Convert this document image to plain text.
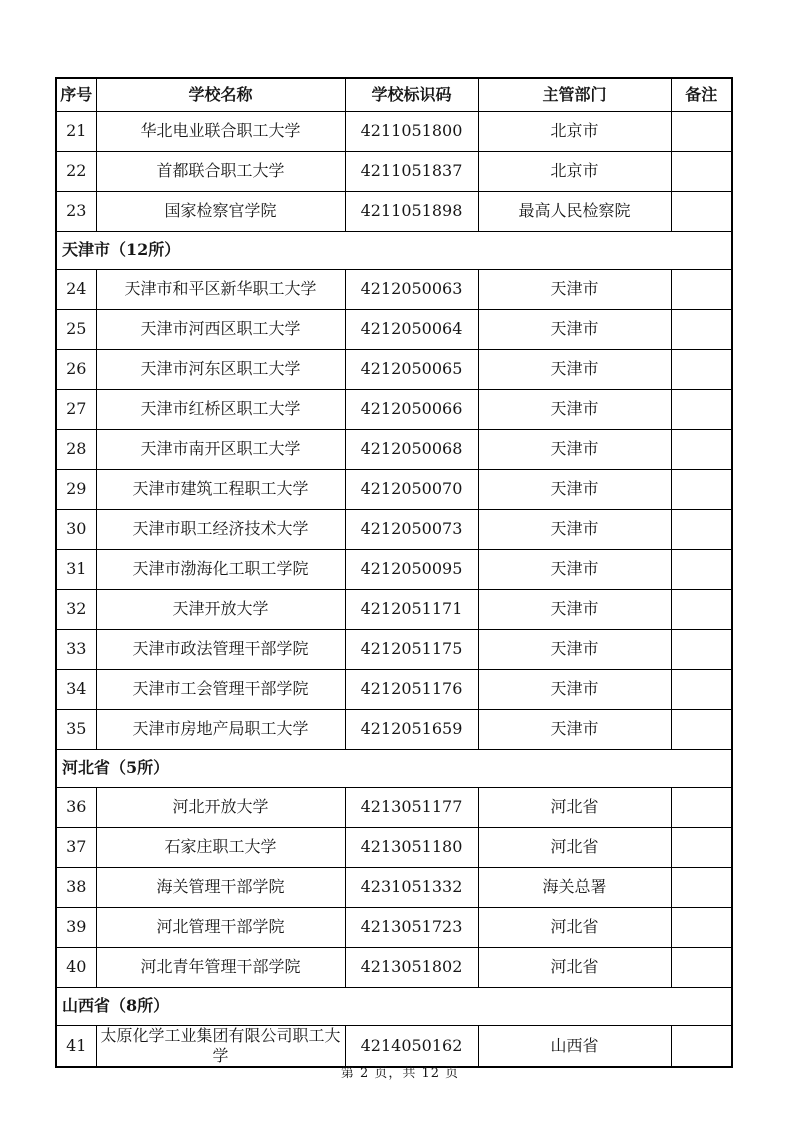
序号	学校名称	学校标识码	主管部门	备注
21	华北电业联合职工大学	4211051800	北京市	
22	首都联合职工大学	4211051837	北京市	
23	国家检察官学院	4211051898	最高人民检察院	
天津市（12所）				
24	天津市和平区新华职工大学	4212050063	天津市	
25	天津市河西区职工大学	4212050064	天津市	
26	天津市河东区职工大学	4212050065	天津市	
27	天津市红桥区职工大学	4212050066	天津市	
28	天津市南开区职工大学	4212050068	天津市	
29	天津市建筑工程职工大学	4212050070	天津市	
30	天津市职工经济技术大学	4212050073	天津市	
31	天津市渤海化工职工学院	4212050095	天津市	
32	天津开放大学	4212051171	天津市	
33	天津市政法管理干部学院	4212051175	天津市	
34	天津市工会管理干部学院	4212051176	天津市	
35	天津市房地产局职工大学	4212051659	天津市	
河北省（5所）				
36	河北开放大学	4213051177	河北省	
37	石家庄职工大学	4213051180	河北省	
38	海关管理干部学院	4231051332	海关总署	
39	河北管理干部学院	4213051723	河北省	
40	河北青年管理干部学院	4213051802	河北省	
山西省（8所）				
41	太原化学工业集团有限公司职工大学	4214050162	山西省	
第 2 页，共 12 页
